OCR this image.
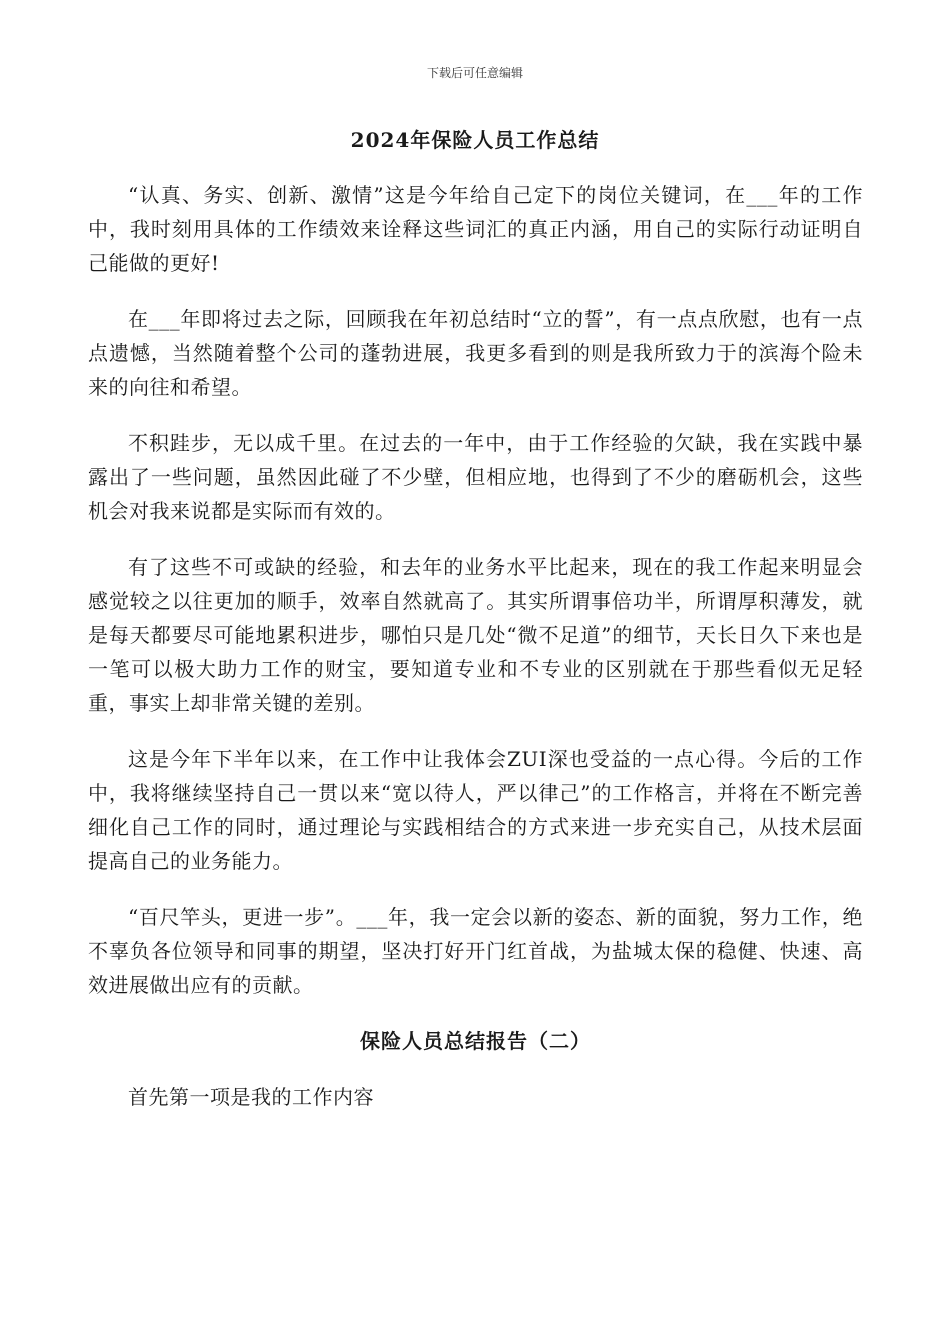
下载后可任意编辑
2024年保险人员工作总结

“认真、务实、创新、激情”这是今年给自己定下的岗位关键词，在___年的工作中，我时刻用具体的工作绩效来诠释这些词汇的真正内涵，用自己的实际行动证明自己能做的更好!

在___年即将过去之际，回顾我在年初总结时“立的誓”，有一点点欣慰，也有一点点遗憾，当然随着整个公司的蓬勃进展，我更多看到的则是我所致力于的滨海个险未来的向往和希望。

不积跬步，无以成千里。在过去的一年中，由于工作经验的欠缺，我在实践中暴露出了一些问题，虽然因此碰了不少壁，但相应地，也得到了不少的磨砺机会，这些机会对我来说都是实际而有效的。

有了这些不可或缺的经验，和去年的业务水平比起来，现在的我工作起来明显会感觉较之以往更加的顺手，效率自然就高了。其实所谓事倍功半，所谓厚积薄发，就是每天都要尽可能地累积进步，哪怕只是几处“微不足道”的细节，天长日久下来也是一笔可以极大助力工作的财宝，要知道专业和不专业的区别就在于那些看似无足轻重，事实上却非常关键的差别。

这是今年下半年以来，在工作中让我体会ZUI深也受益的一点心得。今后的工作中，我将继续坚持自己一贯以来“宽以待人，严以律己”的工作格言，并将在不断完善细化自己工作的同时，通过理论与实践相结合的方式来进一步充实自己，从技术层面提高自己的业务能力。

“百尺竿头，更进一步”。___年，我一定会以新的姿态、新的面貌，努力工作，绝不辜负各位领导和同事的期望，坚决打好开门红首战，为盐城太保的稳健、快速、高效进展做出应有的贡献。

保险人员总结报告（二）

首先第一项是我的工作内容
